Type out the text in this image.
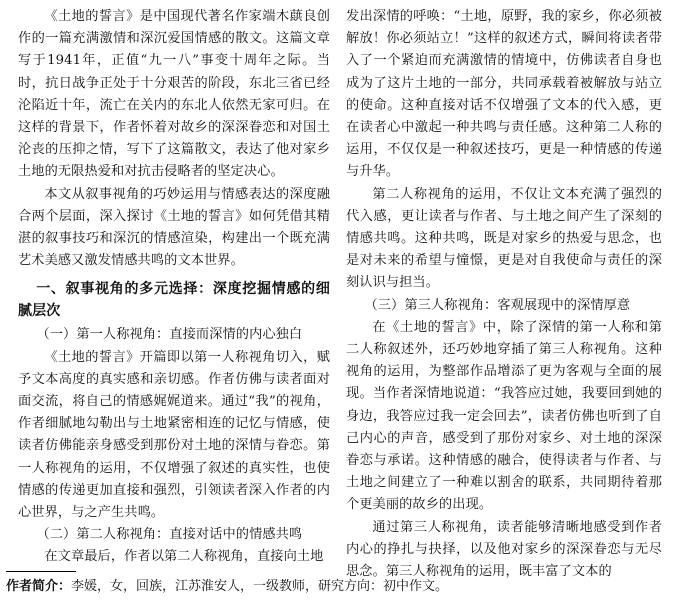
《土地的誓言》是中国现代著名作家端木蕻良创作的一篇充满激情和深沉爱国情感的散文。这篇文章写于1941年，正值“九一八”事变十周年之际。当时，抗日战争正处于十分艰苦的阶段，东北三省已经沦陷近十年，流亡在关内的东北人依然无家可归。在这样的背景下，作者怀着对故乡的深深眷恋和对国土沦丧的压抑之情，写下了这篇散文，表达了他对家乡土地的无限热爱和对抗击侵略者的坚定决心。

本文从叙事视角的巧妙运用与情感表达的深度融合两个层面，深入探讨《土地的誓言》如何凭借其精湛的叙事技巧和深沉的情感渲染，构建出一个既充满艺术美感又激发情感共鸣的文本世界。

一、叙事视角的多元选择：深度挖掘情感的细腻层次
（一）第一人称视角：直接而深情的内心独白

《土地的誓言》开篇即以第一人称视角切入，赋予文本高度的真实感和亲切感。作者仿佛与读者面对面交流，将自己的情感娓娓道来。通过“我”的视角，作者细腻地勾勒出与土地紧密相连的记忆与情感，使读者仿佛能亲身感受到那份对土地的深情与眷恋。第一人称视角的运用，不仅增强了叙述的真实性，也使情感的传递更加直接和强烈，引领读者深入作者的内心世界，与之产生共鸣。

（二）第二人称视角：直接对话中的情感共鸣

在文章最后，作者以第二人称视角，直接向土地

发出深情的呼唤：“土地，原野，我的家乡，你必须被解放！你必须站立！”这样的叙述方式，瞬间将读者带入了一个紧迫而充满激情的情境中，仿佛读者自身也成为了这片土地的一部分，共同承载着被解放与站立的使命。这种直接对话不仅增强了文本的代入感，更在读者心中激起一种共鸣与责任感。这种第二人称的运用，不仅仅是一种叙述技巧，更是一种情感的传递与升华。

第二人称视角的运用，不仅让文本充满了强烈的代入感，更让读者与作者、与土地之间产生了深刻的情感共鸣。这种共鸣，既是对家乡的热爱与思念，也是对未来的希望与憧憬，更是对自我使命与责任的深刻认识与担当。

（三）第三人称视角：客观展现中的深情厚意

在《土地的誓言》中，除了深情的第一人称和第二人称叙述外，还巧妙地穿插了第三人称视角。这种视角的运用，为整部作品增添了更为客观与全面的展现。当作者深情地说道：“我答应过她，我要回到她的身边，我答应过我一定会回去”，读者仿佛也听到了自己内心的声音，感受到了那份对家乡、对土地的深深眷恋与承诺。这种情感的融合，使得读者与作者、与土地之间建立了一种难以割舍的联系，共同期待着那个更美丽的故乡的出现。

通过第三人称视角，读者能够清晰地感受到作者内心的挣扎与抉择，以及他对家乡的深深眷恋与无尽思念。第三人称视角的运用，既丰富了文本的

作者简介：李媛，女，回族，江苏淮安人，一级教师，研究方向：初中作文。
